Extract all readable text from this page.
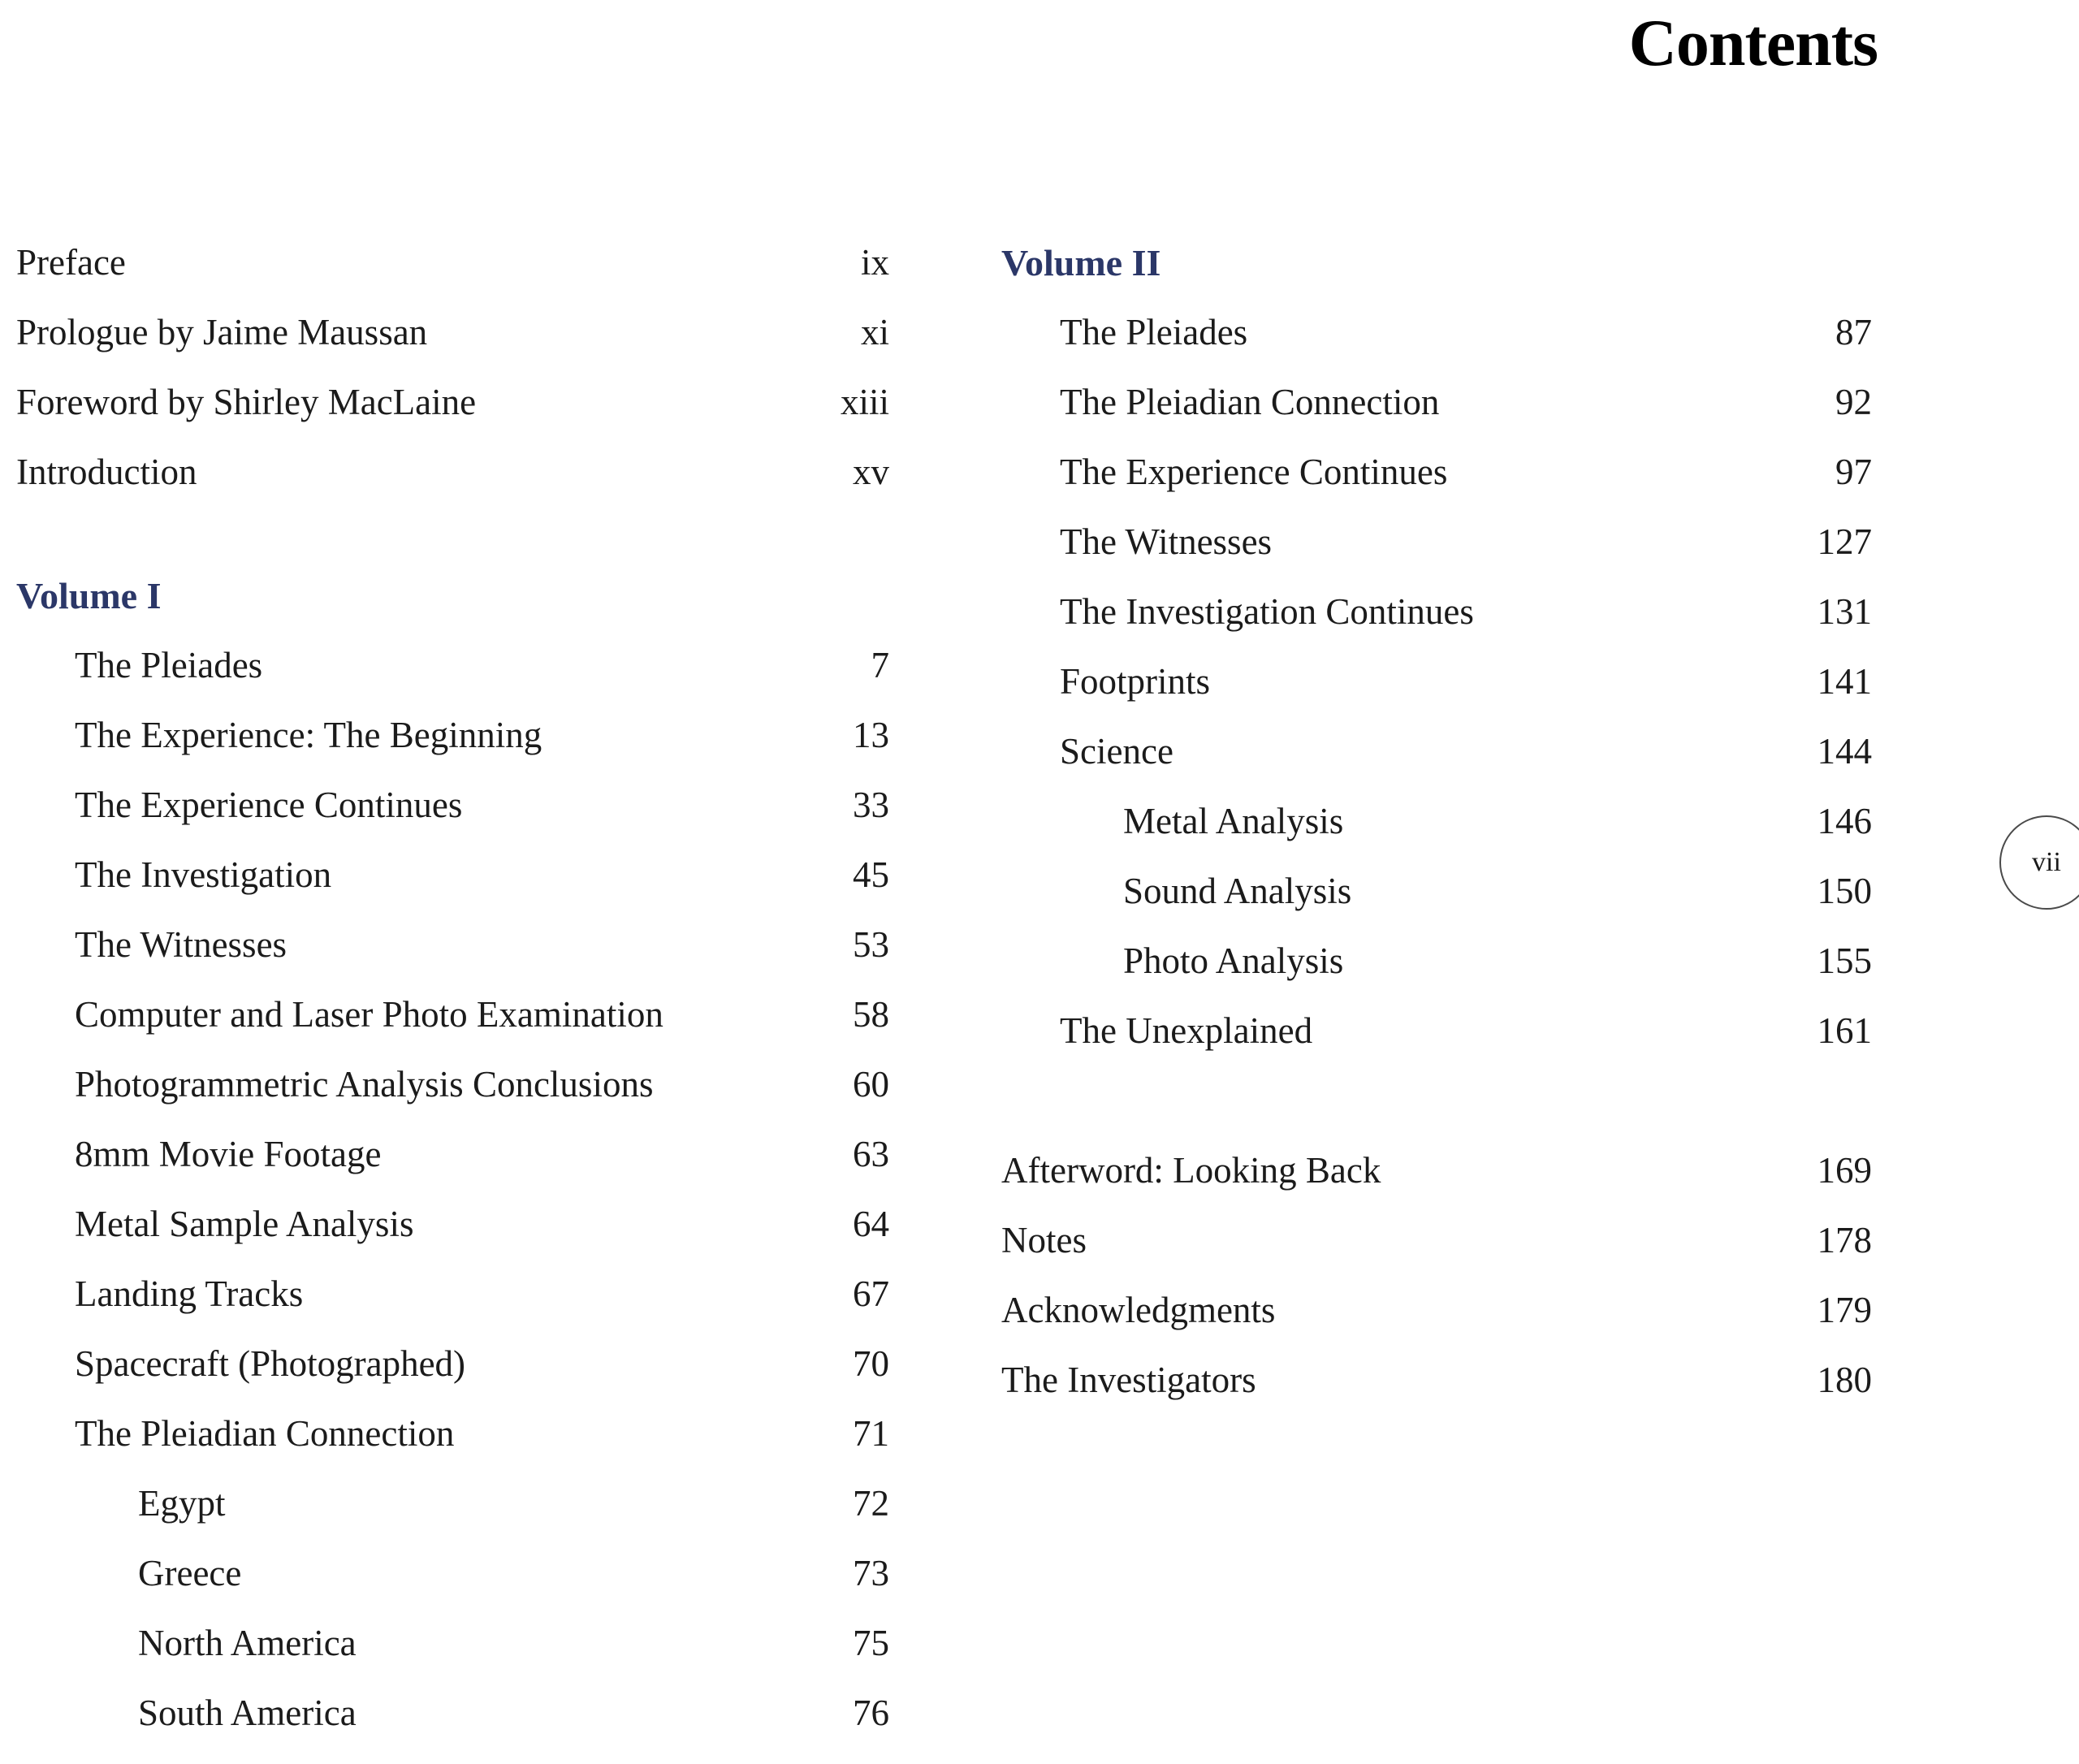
Contents
Preface	ix
Prologue by Jaime Maussan	xi
Foreword by Shirley MacLaine	xiii
Introduction	xv
Volume I
The Pleiades	7
The Experience: The Beginning	13
The Experience Continues	33
The Investigation	45
The Witnesses	53
Computer and Laser Photo Examination	58
Photogrammetric Analysis Conclusions	60
8mm Movie Footage	63
Metal Sample Analysis	64
Landing Tracks	67
Spacecraft (Photographed)	70
The Pleiadian Connection	71
Egypt	72
Greece	73
North America	75
South America	76
Volume II
The Pleiades	87
The Pleiadian Connection	92
The Experience Continues	97
The Witnesses	127
The Investigation Continues	131
Footprints	141
Science	144
Metal Analysis	146
Sound Analysis	150
Photo Analysis	155
The Unexplained	161
Afterword: Looking Back	169
Notes	178
Acknowledgments	179
The Investigators	180
vii
